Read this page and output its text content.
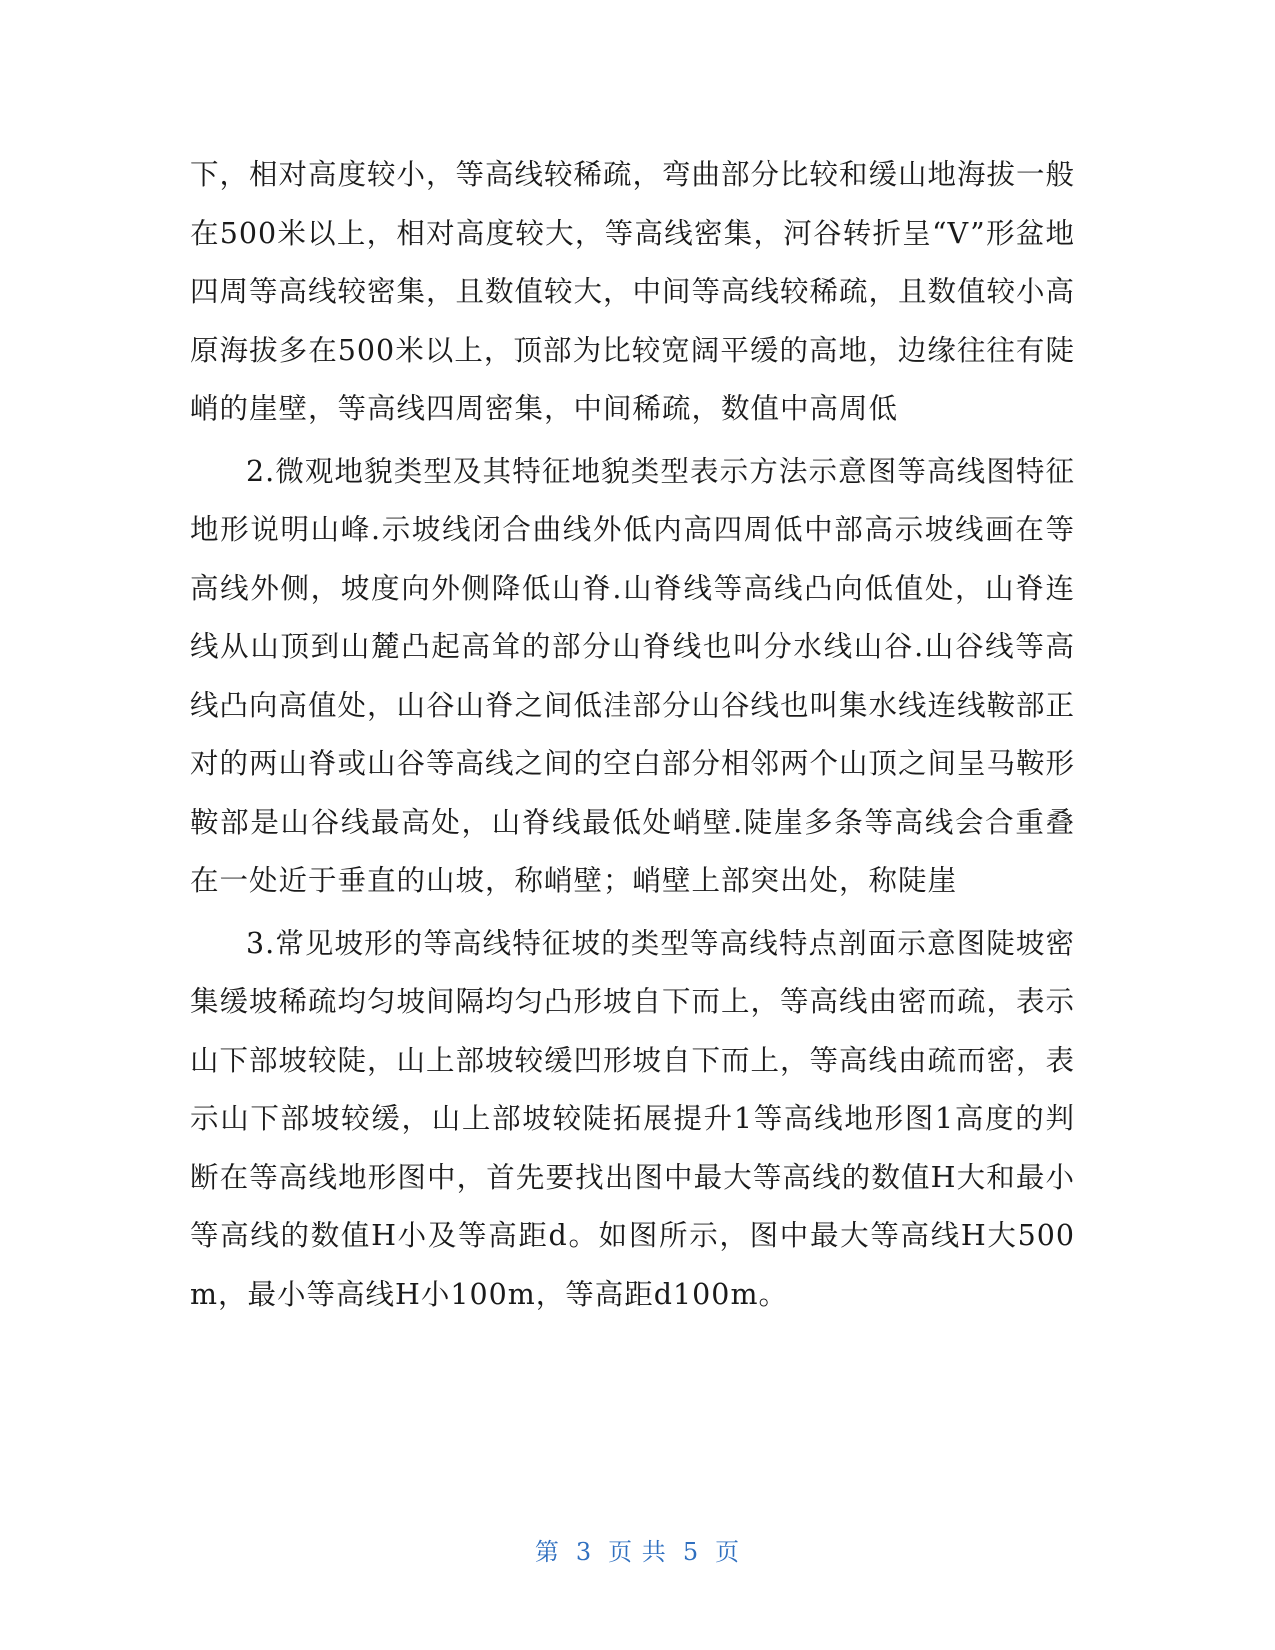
下，相对高度较小，等高线较稀疏，弯曲部分比较和缓山地海拔一般在500米以上，相对高度较大，等高线密集，河谷转折呈“V”形盆地四周等高线较密集，且数值较大，中间等高线较稀疏，且数值较小高原海拔多在500米以上，顶部为比较宽阔平缓的高地，边缘往往有陡峭的崖壁，等高线四周密集，中间稀疏，数值中高周低

2.微观地貌类型及其特征地貌类型表示方法示意图等高线图特征地形说明山峰.示坡线闭合曲线外低内高四周低中部高示坡线画在等高线外侧，坡度向外侧降低山脊.山脊线等高线凸向低值处，山脊连线从山顶到山麓凸起高耸的部分山脊线也叫分水线山谷.山谷线等高线凸向高值处，山谷山脊之间低洼部分山谷线也叫集水线连线鞍部正对的两山脊或山谷等高线之间的空白部分相邻两个山顶之间呈马鞍形鞍部是山谷线最高处，山脊线最低处峭壁.陡崖多条等高线会合重叠在一处近于垂直的山坡，称峭壁；峭壁上部突出处，称陡崖

3.常见坡形的等高线特征坡的类型等高线特点剖面示意图陡坡密集缓坡稀疏均匀坡间隔均匀凸形坡自下而上，等高线由密而疏，表示山下部坡较陡，山上部坡较缓凹形坡自下而上，等高线由疏而密，表示山下部坡较缓，山上部坡较陡拓展提升1等高线地形图1高度的判断在等高线地形图中，首先要找出图中最大等高线的数值H大和最小等高线的数值H小及等高距d。如图所示，图中最大等高线H大500m，最小等高线H小100m，等高距d100m。

第 3 页 共 5 页
